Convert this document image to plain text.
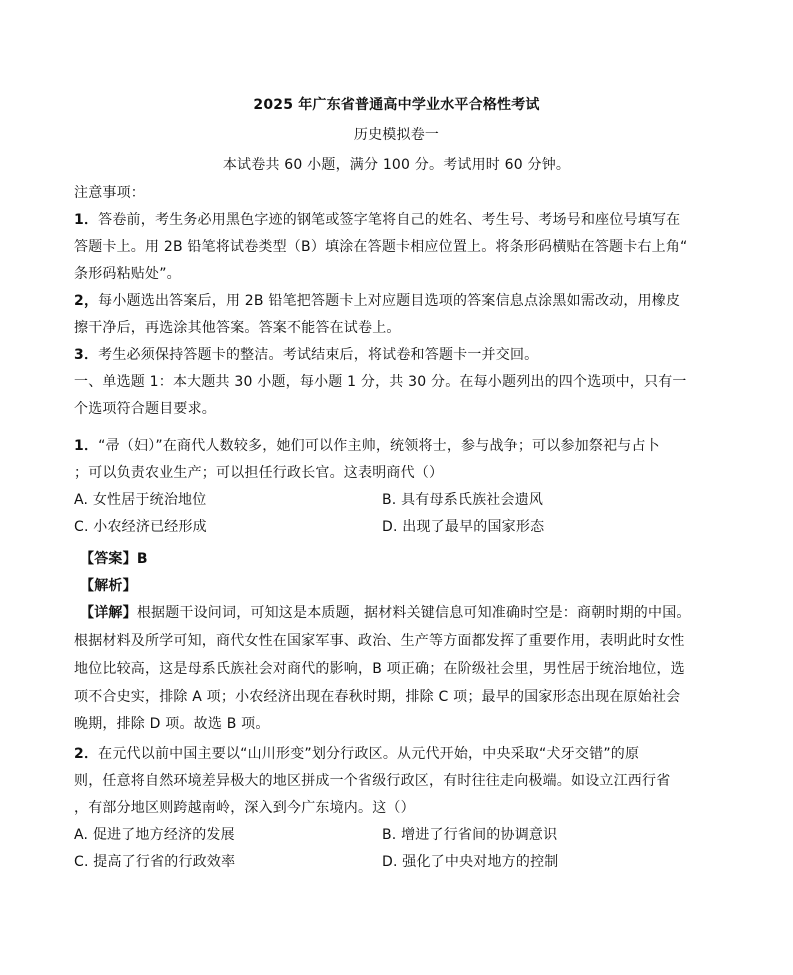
2025 年广东省普通高中学业水平合格性考试
历史模拟卷一
本试卷共 60 小题，满分 100 分。考试用时 60 分钟。
注意事项：
1．答卷前，考生务必用黑色字迹的钢笔或签字笔将自己的姓名、考生号、考场号和座位号填写在
答题卡上。用 2B 铅笔将试卷类型（B）填涂在答题卡相应位置上。将条形码横贴在答题卡右上角“
条形码粘贴处”。
2，每小题选出答案后，用 2B 铅笔把答题卡上对应题目选项的答案信息点涂黑如需改动，用橡皮
擦干净后，再选涂其他答案。答案不能答在试卷上。
3．考生必须保持答题卡的整洁。考试结束后，将试卷和答题卡一并交回。
一、单选题 1：本大题共 30 小题，每小题 1 分，共 30 分。在每小题列出的四个选项中，只有一
个选项符合题目要求。
1．“帚（妇）”在商代人数较多，她们可以作主帅，统领将士，参与战争；可以参加祭祀与占卜
；可以负责农业生产；可以担任行政长官。这表明商代（）
A. 女性居于统治地位	B. 具有母系氏族社会遗风
C. 小农经济已经形成	D. 出现了最早的国家形态
【答案】B
【解析】
【详解】根据题干设问词，可知这是本质题，据材料关键信息可知准确时空是：商朝时期的中国。
根据材料及所学可知，商代女性在国家军事、政治、生产等方面都发挥了重要作用，表明此时女性
地位比较高，这是母系氏族社会对商代的影响，B 项正确；在阶级社会里，男性居于统治地位，选
项不合史实，排除 A 项；小农经济出现在春秋时期，排除 C 项；最早的国家形态出现在原始社会
晚期，排除 D 项。故选 B 项。
2．在元代以前中国主要以“山川形变”划分行政区。从元代开始，中央采取“犬牙交错”的原
则，任意将自然环境差异极大的地区拼成一个省级行政区，有时往往走向极端。如设立江西行省
，有部分地区则跨越南岭，深入到今广东境内。这（）
A. 促进了地方经济的发展	B. 增进了行省间的协调意识
C. 提高了行省的行政效率	D. 强化了中央对地方的控制
